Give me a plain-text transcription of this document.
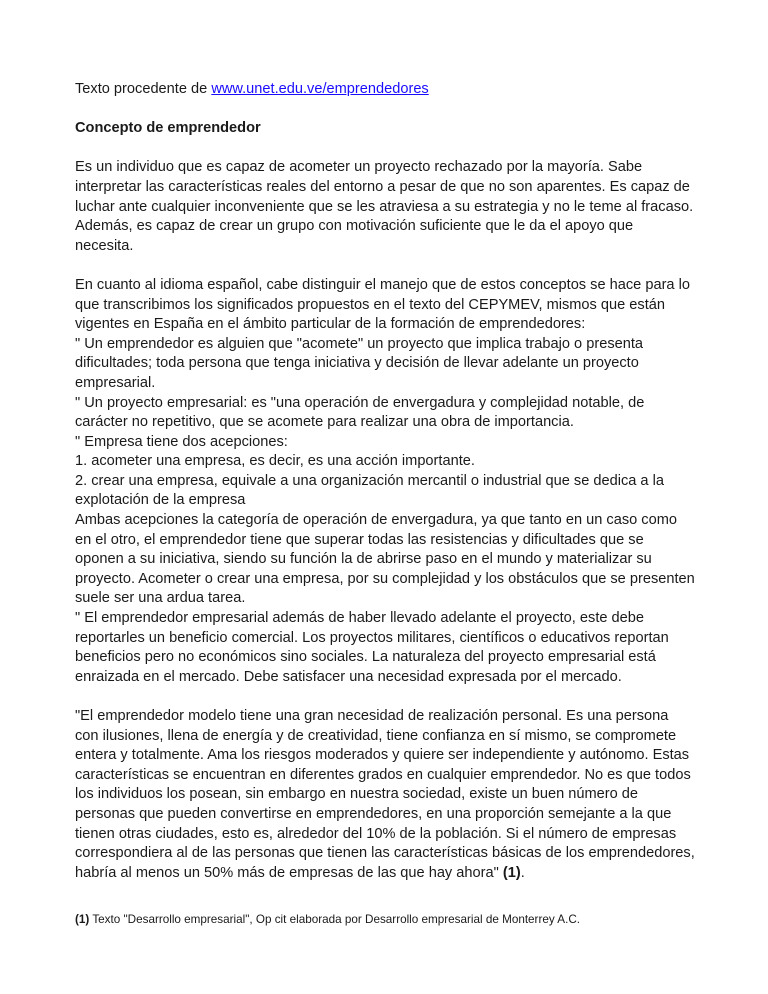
Texto procedente de www.unet.edu.ve/emprendedores

Concepto de emprendedor

Es un individuo que es capaz de acometer un proyecto rechazado por la mayoría. Sabe interpretar las características reales del entorno a pesar de que no son aparentes. Es capaz de luchar ante cualquier inconveniente que se les atraviesa a su estrategia y no le teme al fracaso. Además, es capaz de crear un grupo con motivación suficiente que le da el apoyo que necesita.

En cuanto al idioma español, cabe distinguir el manejo que de estos conceptos se hace para lo que transcribimos los significados propuestos en el texto del CEPYMEV, mismos que están vigentes en España en el ámbito particular de la formación de emprendedores:

" Un emprendedor es alguien que "acomete" un proyecto que implica trabajo o presenta dificultades; toda persona que tenga iniciativa y decisión de llevar adelante un proyecto empresarial.

" Un proyecto empresarial: es "una operación de envergadura y complejidad notable, de carácter no repetitivo, que se acomete para realizar una obra de importancia.

" Empresa tiene dos acepciones:

1. acometer una empresa, es decir, es una acción importante.

2. crear una empresa, equivale a una organización mercantil o industrial que se dedica a la explotación de la empresa

Ambas acepciones la categoría de operación de envergadura, ya que tanto en un caso como en el otro, el emprendedor tiene que superar todas las resistencias y dificultades que se oponen a su iniciativa, siendo su función la de abrirse paso en el mundo y materializar su proyecto. Acometer o crear una empresa, por su complejidad y los obstáculos que se presenten suele ser una ardua tarea.

" El emprendedor empresarial además de haber llevado adelante el proyecto, este debe reportarles un beneficio comercial. Los proyectos militares, científicos o educativos reportan beneficios pero no económicos sino sociales. La naturaleza del proyecto empresarial está enraizada en el mercado. Debe satisfacer una necesidad expresada por el mercado.

"El emprendedor modelo tiene una gran necesidad de realización personal. Es una persona con ilusiones, llena de energía y de creatividad, tiene confianza en sí mismo, se compromete entera y totalmente. Ama los riesgos moderados y quiere ser independiente y autónomo. Estas características se encuentran en diferentes grados en cualquier emprendedor. No es que todos los individuos los posean, sin embargo en nuestra sociedad, existe un buen número de personas que pueden convertirse en emprendedores, en una proporción semejante a la que tienen otras ciudades, esto es, alrededor del 10% de la población. Si el número de empresas correspondiera al de las personas que tienen las características básicas de los emprendedores, habría al menos un 50% más de empresas de las que hay ahora" (1).

(1) Texto "Desarrollo empresarial", Op cit elaborada por Desarrollo empresarial de Monterrey A.C.
